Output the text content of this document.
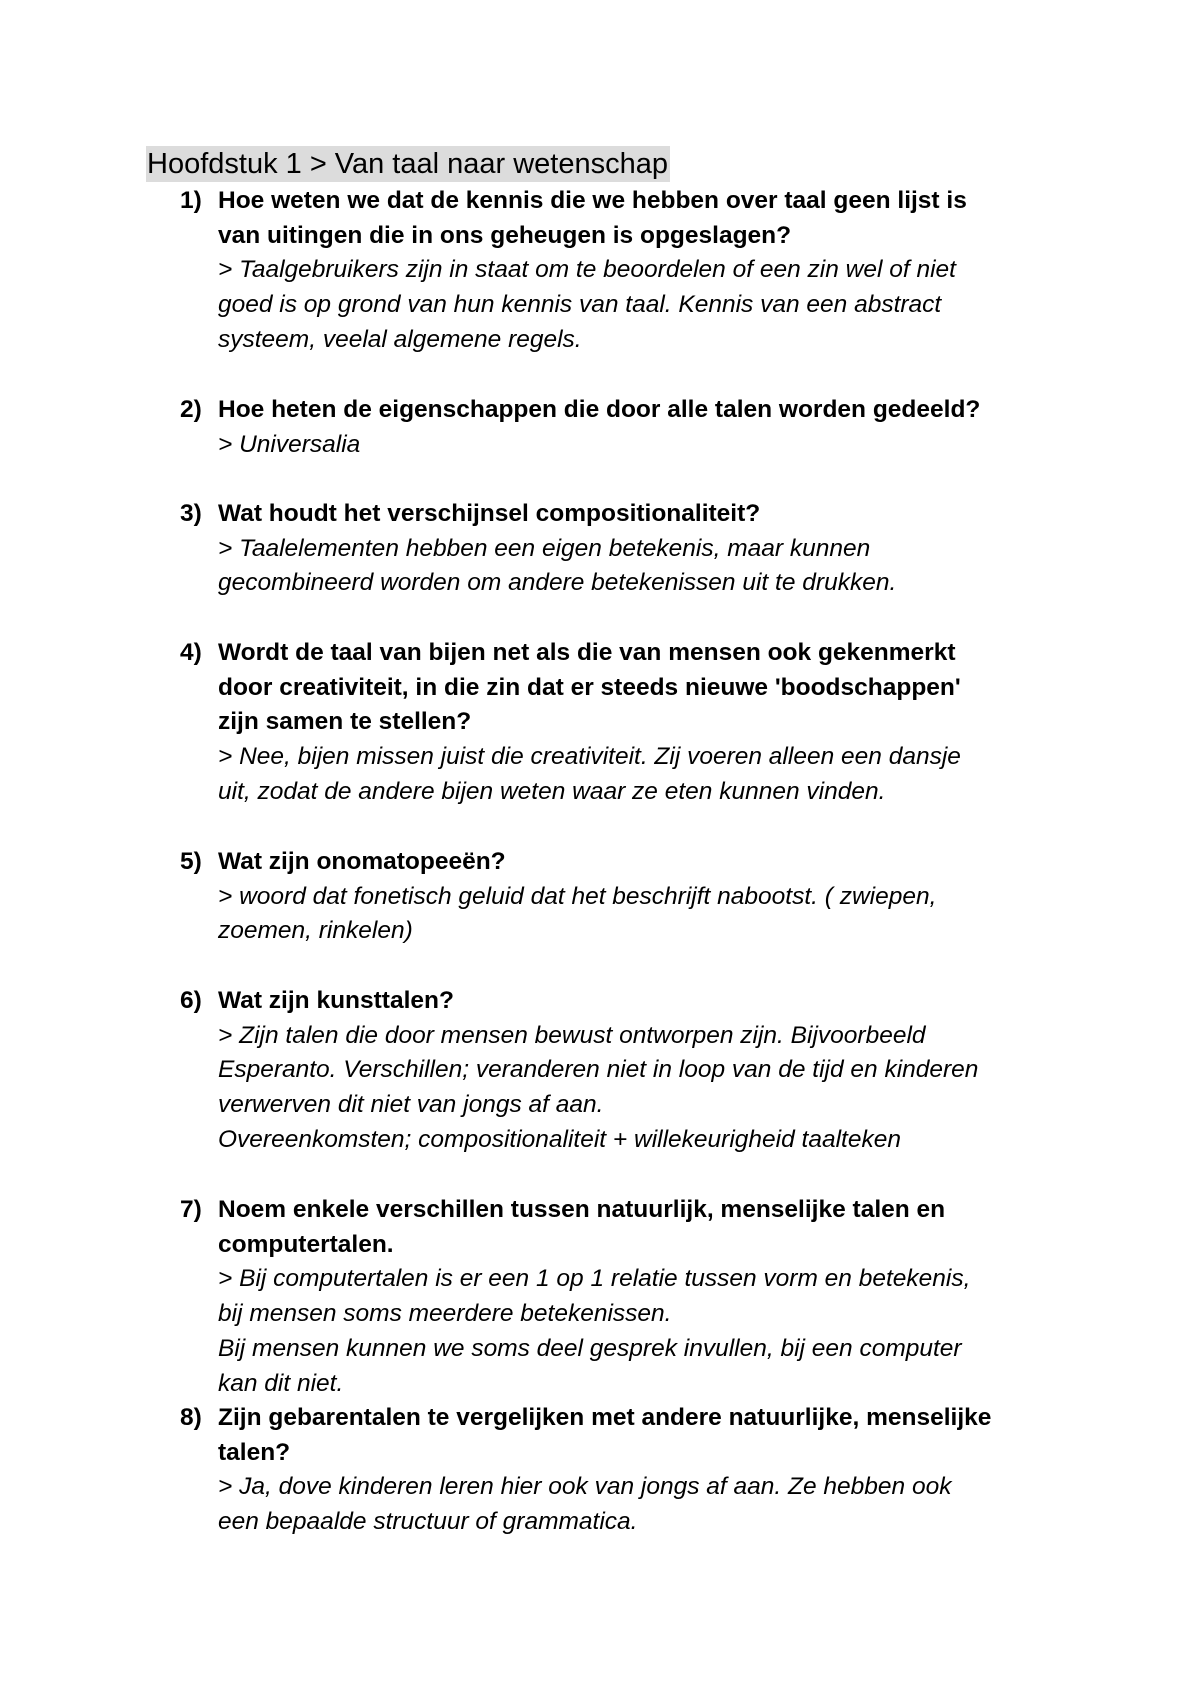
Hoofdstuk 1 > Van taal naar wetenschap
1) Hoe weten we dat de kennis die we hebben over taal geen lijst is
van uitingen die in ons geheugen is opgeslagen?
> Taalgebruikers zijn in staat om te beoordelen of een zin wel of niet
goed is op grond van hun kennis van taal. Kennis van een abstract
systeem, veelal algemene regels.
2) Hoe heten de eigenschappen die door alle talen worden gedeeld?
> Universalia
3) Wat houdt het verschijnsel compositionaliteit?
> Taalelementen hebben een eigen betekenis, maar kunnen
gecombineerd worden om andere betekenissen uit te drukken.
4) Wordt de taal van bijen net als die van mensen ook gekenmerkt
door creativiteit, in die zin dat er steeds nieuwe 'boodschappen'
zijn samen te stellen?
> Nee, bijen missen juist die creativiteit. Zij voeren alleen een dansje
uit, zodat de andere bijen weten waar ze eten kunnen vinden.
5) Wat zijn onomatopeeën?
> woord dat fonetisch geluid dat het beschrijft nabootst. ( zwiepen,
zoemen, rinkelen)
6) Wat zijn kunsttalen?
> Zijn talen die door mensen bewust ontworpen zijn. Bijvoorbeeld
Esperanto. Verschillen; veranderen niet in loop van de tijd en kinderen
verwerven dit niet van jongs af aan.
Overeenkomsten; compositionaliteit + willekeurigheid taalteken
7) Noem enkele verschillen tussen natuurlijk, menselijke talen en
computertalen.
> Bij computertalen is er een 1 op 1 relatie tussen vorm en betekenis,
bij mensen soms meerdere betekenissen.
Bij mensen kunnen we soms deel gesprek invullen, bij een computer
kan dit niet.
8) Zijn gebarentalen te vergelijken met andere natuurlijke, menselijke
talen?
> Ja, dove kinderen leren hier ook van jongs af aan. Ze hebben ook
een bepaalde structuur of grammatica.
